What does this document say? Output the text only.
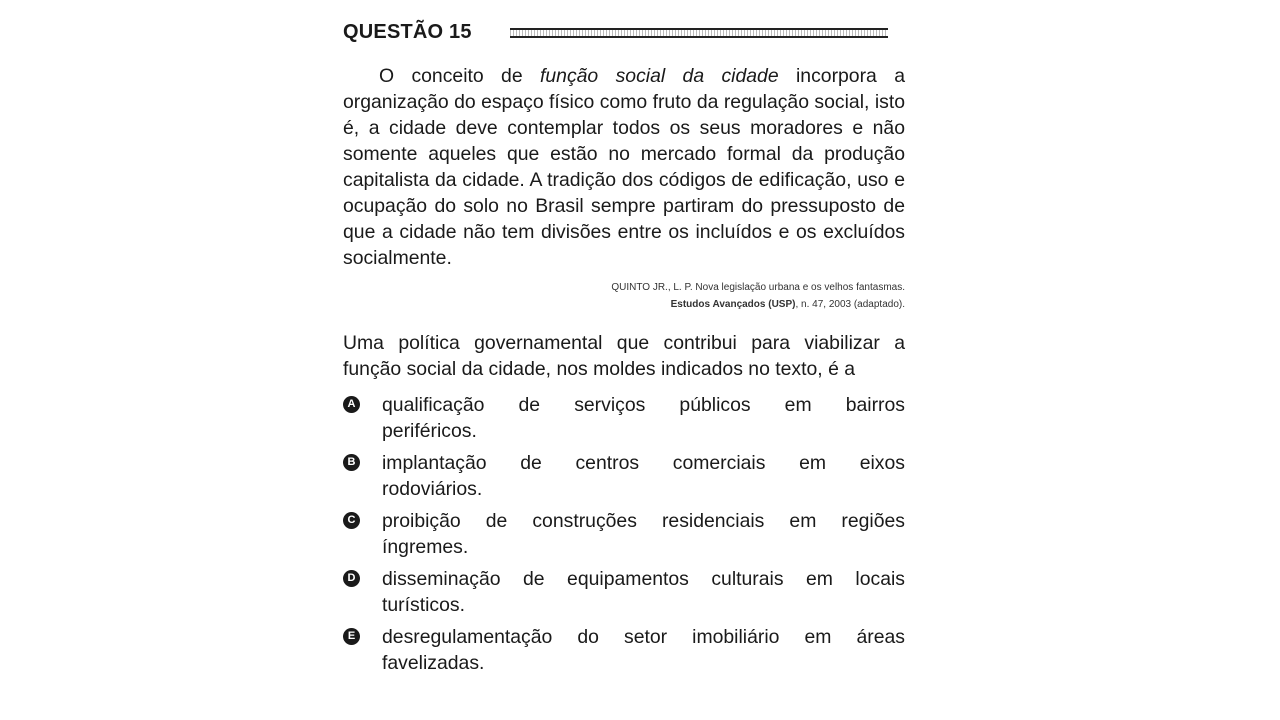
QUESTÃO 15

O conceito de função social da cidade incorpora a organização do espaço físico como fruto da regulação social, isto é, a cidade deve contemplar todos os seus moradores e não somente aqueles que estão no mercado formal da produção capitalista da cidade. A tradição dos códigos de edificação, uso e ocupação do solo no Brasil sempre partiram do pressuposto de que a cidade não tem divisões entre os incluídos e os excluídos socialmente.

QUINTO JR., L. P. Nova legislação urbana e os velhos fantasmas.
Estudos Avançados (USP), n. 47, 2003 (adaptado).

Uma política governamental que contribui para viabilizar a função social da cidade, nos moldes indicados no texto, é a

A qualificação de serviços públicos em bairros
periféricos.
B implantação de centros comerciais em eixos
rodoviários.
C proibição de construções residenciais em regiões
íngremes.
D disseminação de equipamentos culturais em locais
turísticos.
E desregulamentação do setor imobiliário em áreas
favelizadas.
